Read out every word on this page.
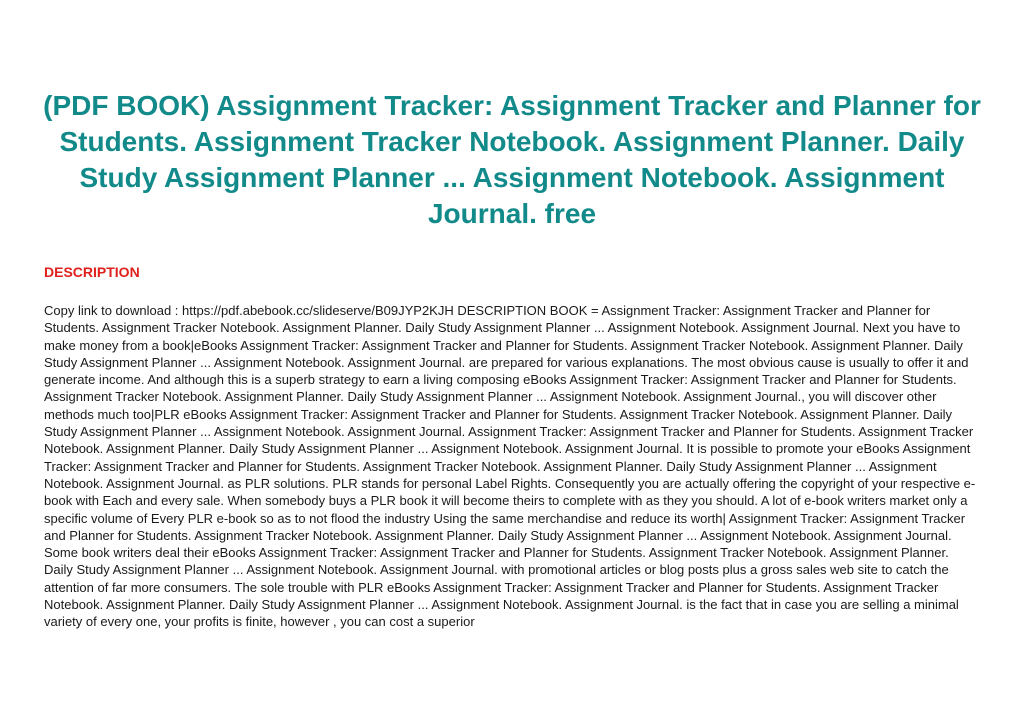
(PDF BOOK) Assignment Tracker: Assignment Tracker and Planner for Students. Assignment Tracker Notebook. Assignment Planner. Daily Study Assignment Planner ... Assignment Notebook. Assignment Journal. free
DESCRIPTION

Copy link to download : https://pdf.abebook.cc/slideserve/B09JYP2KJH DESCRIPTION BOOK = Assignment Tracker: Assignment Tracker and Planner for Students. Assignment Tracker Notebook. Assignment Planner. Daily Study Assignment Planner ... Assignment Notebook. Assignment Journal. Next you have to make money from a book|eBooks Assignment Tracker: Assignment Tracker and Planner for Students. Assignment Tracker Notebook. Assignment Planner. Daily Study Assignment Planner ... Assignment Notebook. Assignment Journal. are prepared for various explanations. The most obvious cause is usually to offer it and generate income. And although this is a superb strategy to earn a living composing eBooks Assignment Tracker: Assignment Tracker and Planner for Students. Assignment Tracker Notebook. Assignment Planner. Daily Study Assignment Planner ... Assignment Notebook. Assignment Journal., you will discover other methods much too|PLR eBooks Assignment Tracker: Assignment Tracker and Planner for Students. Assignment Tracker Notebook. Assignment Planner. Daily Study Assignment Planner ... Assignment Notebook. Assignment Journal. Assignment Tracker: Assignment Tracker and Planner for Students. Assignment Tracker Notebook. Assignment Planner. Daily Study Assignment Planner ... Assignment Notebook. Assignment Journal. It is possible to promote your eBooks Assignment Tracker: Assignment Tracker and Planner for Students. Assignment Tracker Notebook. Assignment Planner. Daily Study Assignment Planner ... Assignment Notebook. Assignment Journal. as PLR solutions. PLR stands for personal Label Rights. Consequently you are actually offering the copyright of your respective e-book with Each and every sale. When somebody buys a PLR book it will become theirs to complete with as they you should. A lot of e-book writers market only a specific volume of Every PLR e-book so as to not flood the industry Using the same merchandise and reduce its worth| Assignment Tracker: Assignment Tracker and Planner for Students. Assignment Tracker Notebook. Assignment Planner. Daily Study Assignment Planner ... Assignment Notebook. Assignment Journal. Some book writers deal their eBooks Assignment Tracker: Assignment Tracker and Planner for Students. Assignment Tracker Notebook. Assignment Planner. Daily Study Assignment Planner ... Assignment Notebook. Assignment Journal. with promotional articles or blog posts plus a gross sales web site to catch the attention of far more consumers. The sole trouble with PLR eBooks Assignment Tracker: Assignment Tracker and Planner for Students. Assignment Tracker Notebook. Assignment Planner. Daily Study Assignment Planner ... Assignment Notebook. Assignment Journal. is the fact that in case you are selling a minimal variety of every one, your profits is finite, however , you can cost a superior
